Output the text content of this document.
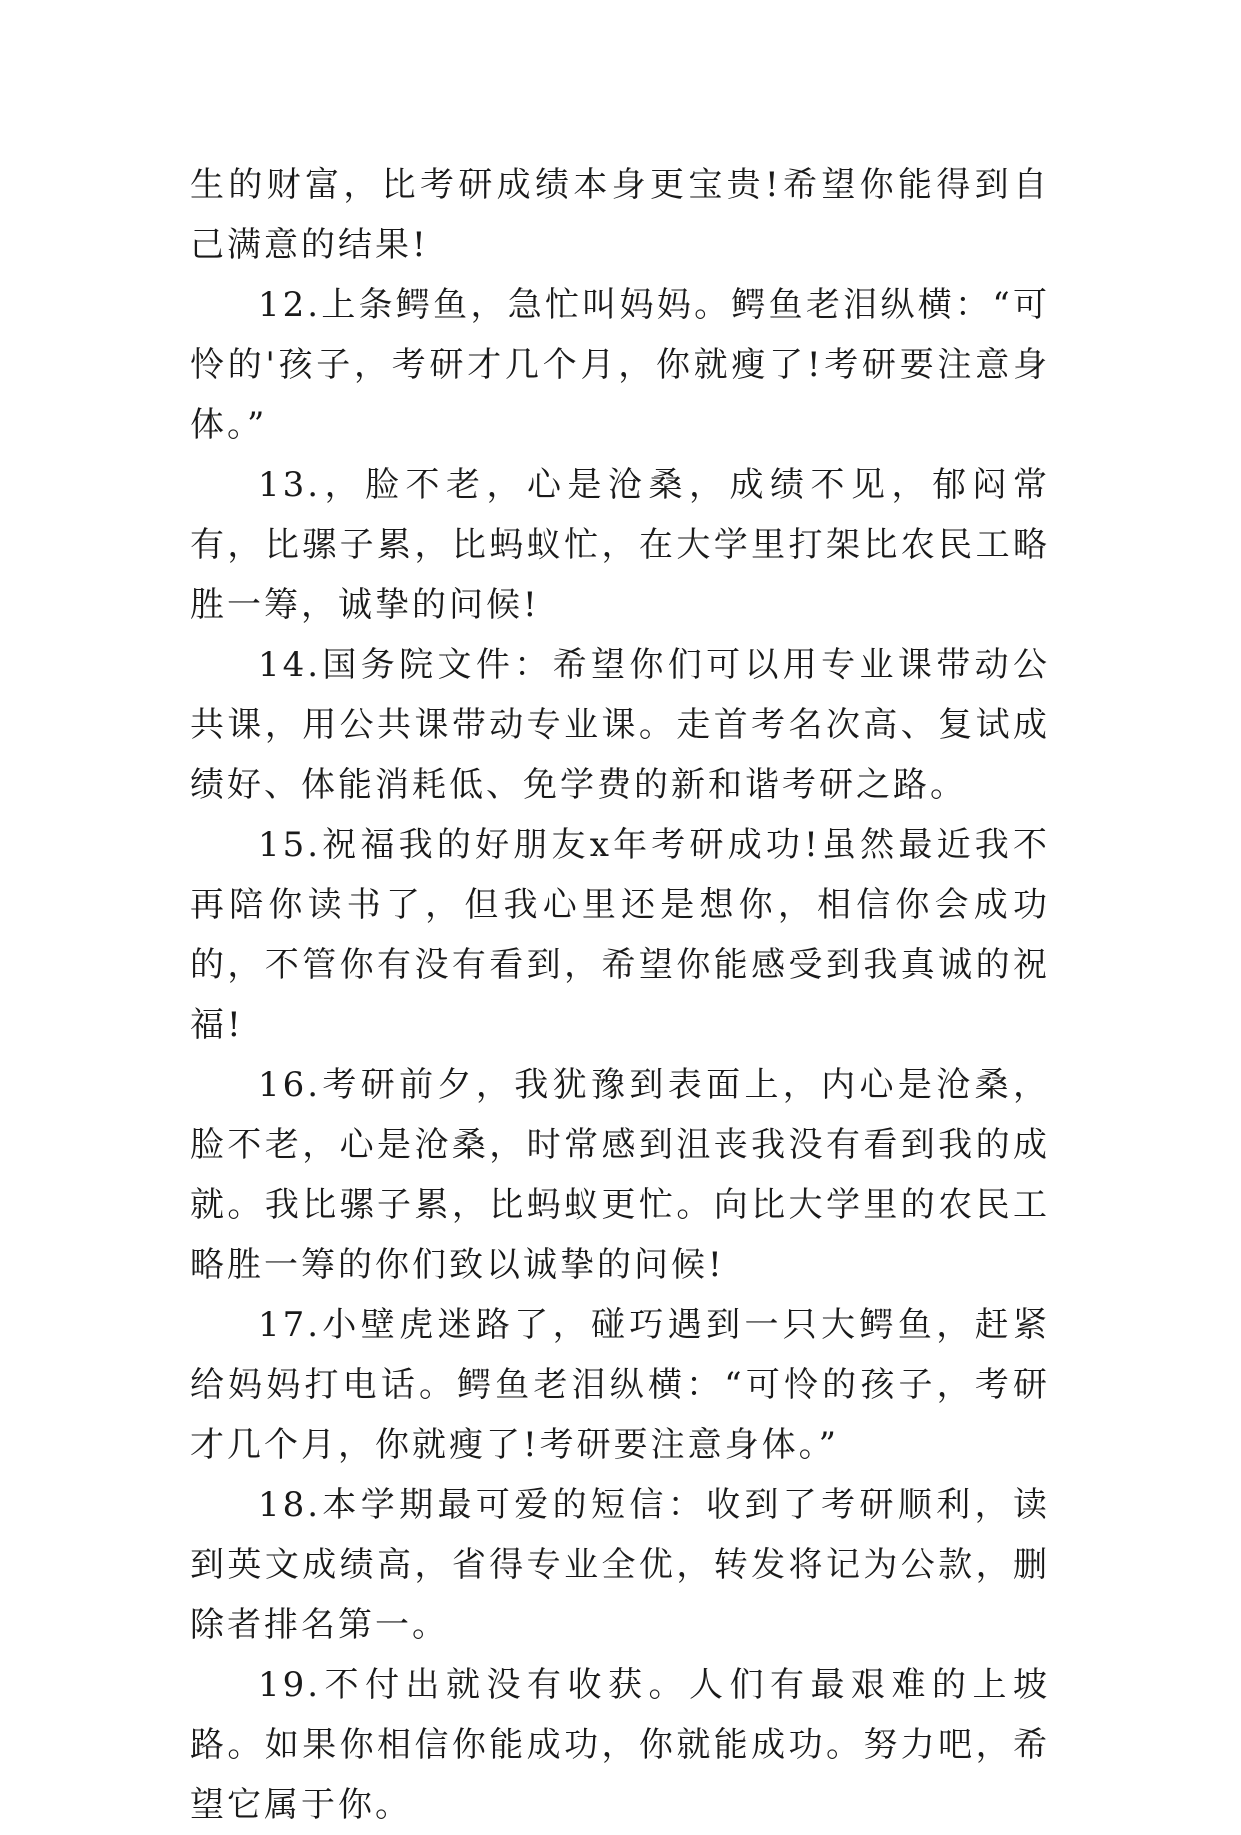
生的财富，比考研成绩本身更宝贵!希望你能得到自己满意的结果!

12.上条鳄鱼，急忙叫妈妈。鳄鱼老泪纵横：“可怜的'孩子，考研才几个月，你就瘦了!考研要注意身体。”

13.，脸不老，心是沧桑，成绩不见，郁闷常有，比骡子累，比蚂蚁忙，在大学里打架比农民工略胜一筹，诚挚的问候!

14.国务院文件：希望你们可以用专业课带动公共课，用公共课带动专业课。走首考名次高、复试成绩好、体能消耗低、免学费的新和谐考研之路。

15.祝福我的好朋友x年考研成功!虽然最近我不再陪你读书了，但我心里还是想你，相信你会成功的，不管你有没有看到，希望你能感受到我真诚的祝福!

16.考研前夕，我犹豫到表面上，内心是沧桑，脸不老，心是沧桑，时常感到沮丧我没有看到我的成就。我比骡子累，比蚂蚁更忙。向比大学里的农民工略胜一筹的你们致以诚挚的问候!

17.小壁虎迷路了，碰巧遇到一只大鳄鱼，赶紧给妈妈打电话。鳄鱼老泪纵横：“可怜的孩子，考研才几个月，你就瘦了!考研要注意身体。”

18.本学期最可爱的短信：收到了考研顺利，读到英文成绩高，省得专业全优，转发将记为公款，删除者排名第一。

19.不付出就没有收获。人们有最艰难的上坡路。如果你相信你能成功，你就能成功。努力吧，希望它属于你。
